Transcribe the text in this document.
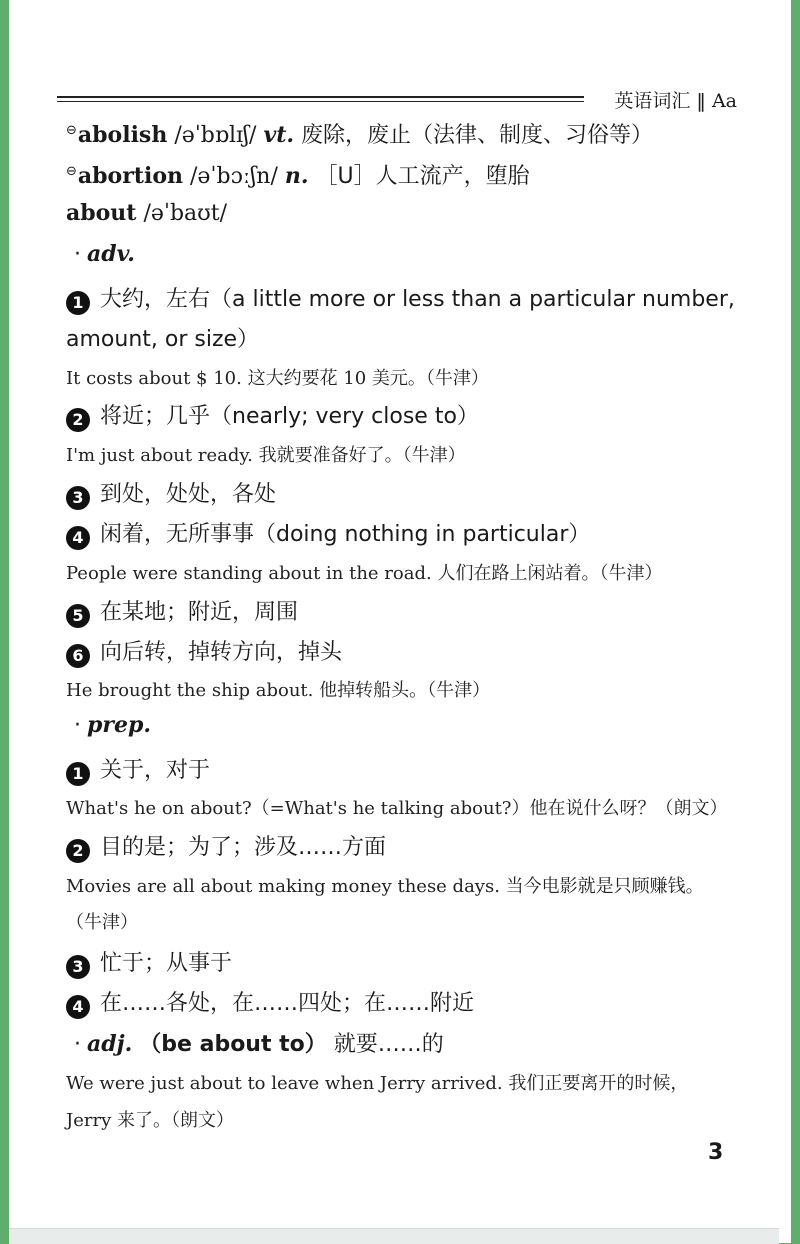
英语词汇 ‖ Aa
⊖abolish /əˈbɒlɪʃ/ vt. 废除，废止（法律、制度、习俗等）
⊖abortion /əˈbɔːʃn/ n. ［U］人工流产，堕胎
about /əˈbaʊt/
· adv.
1 大约，左右（a little more or less than a particular number,
amount, or size）
It costs about $ 10. 这大约要花 10 美元。（牛津）
2 将近；几乎（nearly; very close to）
I'm just about ready. 我就要准备好了。（牛津）
3 到处，处处，各处
4 闲着，无所事事（doing nothing in particular）
People were standing about in the road. 人们在路上闲站着。（牛津）
5 在某地；附近，周围
6 向后转，掉转方向，掉头
He brought the ship about. 他掉转船头。（牛津）
· prep.
1 关于，对于
What's he on about?（=What's he talking about?）他在说什么呀？（朗文）
2 目的是；为了；涉及……方面
Movies are all about making money these days. 当今电影就是只顾赚钱。
（牛津）
3 忙于；从事于
4 在……各处，在……四处；在……附近
· adj. （be about to） 就要……的
We were just about to leave when Jerry arrived. 我们正要离开的时候，
Jerry 来了。（朗文）
3
